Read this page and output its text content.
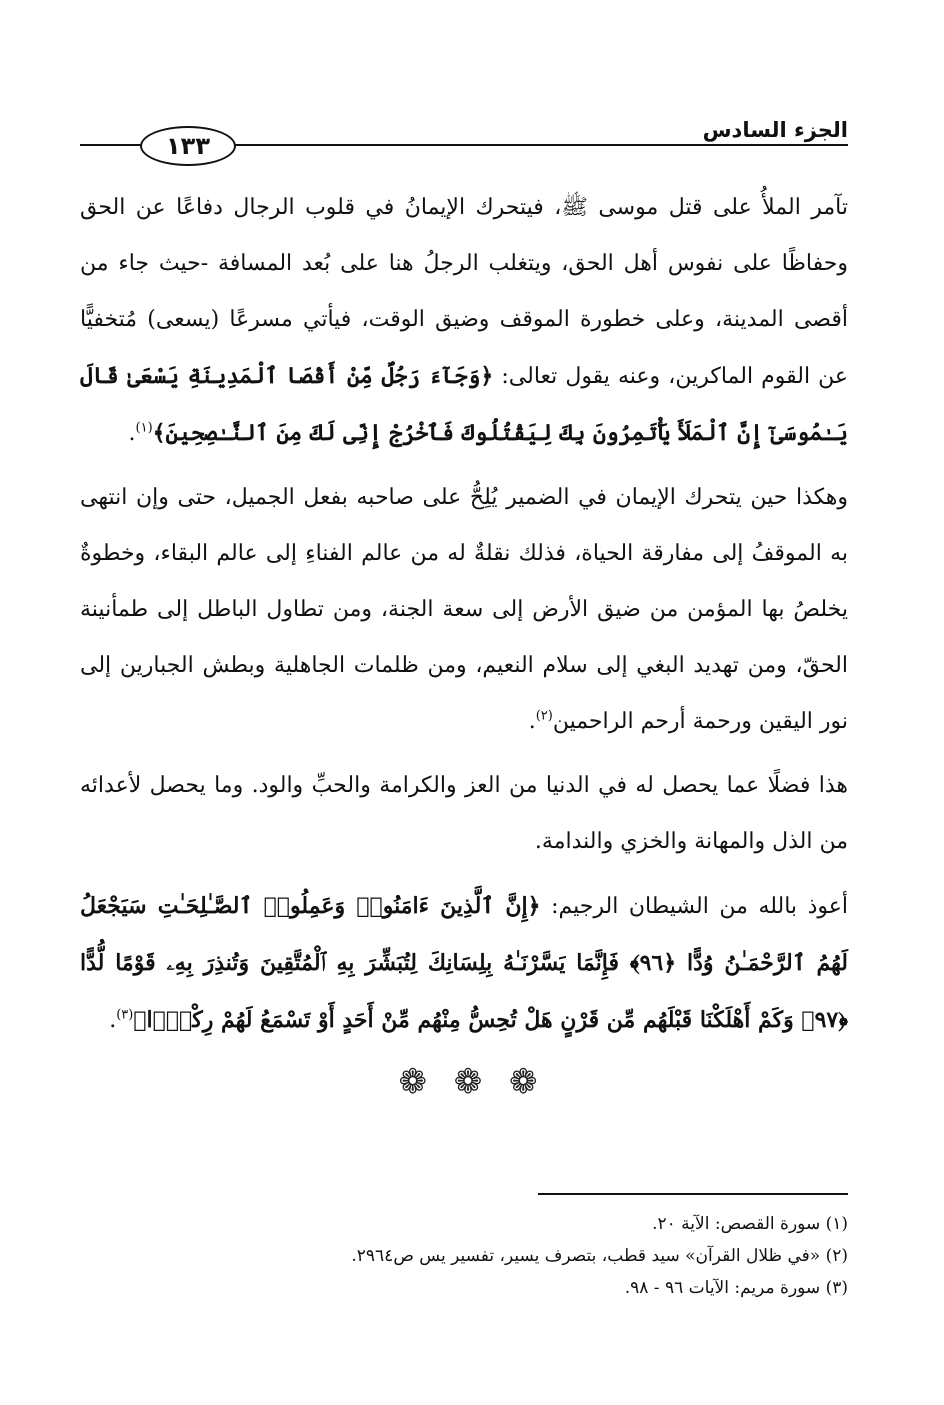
١٣٣
الجزء السادس

تآمر الملأُ على قتل موسى ﷺ، فيتحرك الإيمانُ في قلوب الرجال دفاعًا عن الحق وحفاظًا على نفوس أهل الحق، ويتغلب الرجلُ هنا على بُعد المسافة -حيث جاء من أقصى المدينة، وعلى خطورة الموقف وضيق الوقت، فيأتي مسرعًا (يسعى) مُتخفيًّا عن القوم الماكرين، وعنه يقول تعالى: ﴿وَجَآءَ رَجُلٌ مِّنْ أَقْصَا ٱلْمَدِينَةِ يَسْعَىٰ قَالَ يَـٰمُوسَىٰٓ إِنَّ ٱلْمَلَأَ يَأْتَمِرُونَ بِكَ لِيَقْتُلُوكَ فَٱخْرُجْ إِنِّى لَكَ مِنَ ٱلنَّـٰصِحِينَ﴾$^{(١)}$.

وهكذا حين يتحرك الإيمان في الضمير يُلِحُّ على صاحبه بفعل الجميل، حتى وإن انتهى به الموقفُ إلى مفارقة الحياة، فذلك نقلةٌ له من عالم الفناءِ إلى عالم البقاء، وخطوةٌ يخلصُ بها المؤمن من ضيق الأرض إلى سعة الجنة، ومن تطاول الباطل إلى طمأنينة الحقّ، ومن تهديد البغي إلى سلام النعيم، ومن ظلمات الجاهلية وبطش الجبارين إلى نور اليقين ورحمة أرحم الراحمين$^{(٢)}$.

هذا فضلًا عما يحصل له في الدنيا من العز والكرامة والحبِّ والود. وما يحصل لأعدائه من الذل والمهانة والخزي والندامة.

أعوذ بالله من الشيطان الرجيم: ﴿إِنَّ ٱلَّذِينَ ءَامَنُوا۟ وَعَمِلُوا۟ ٱلصَّـٰلِحَـٰتِ سَيَجْعَلُ لَهُمُ ٱلرَّحْمَـٰنُ وُدًّا ﴿٩٦﴾ فَإِنَّمَا يَسَّرْنَـٰهُ بِلِسَانِكَ لِتُبَشِّرَ بِهِ ٱلْمُتَّقِينَ وَتُنذِرَ بِهِۦ قَوْمًا لُّدًّا ﴿٩٧﴾ وَكَمْ أَهْلَكْنَا قَبْلَهُم مِّن قَرْنٍ هَلْ تُحِسُّ مِنْهُم مِّنْ أَحَدٍ أَوْ تَسْمَعُ لَهُمْ رِكْزًۢا﴾$^{(٣)}$.

❁ ❁ ❁
(١) سورة القصص: الآية ٢٠.
(٢) «في ظلال القرآن» سيد قطب، بتصرف يسير، تفسير يس ص٢٩٦٤.
(٣) سورة مريم: الآيات ٩٦ - ٩٨.
